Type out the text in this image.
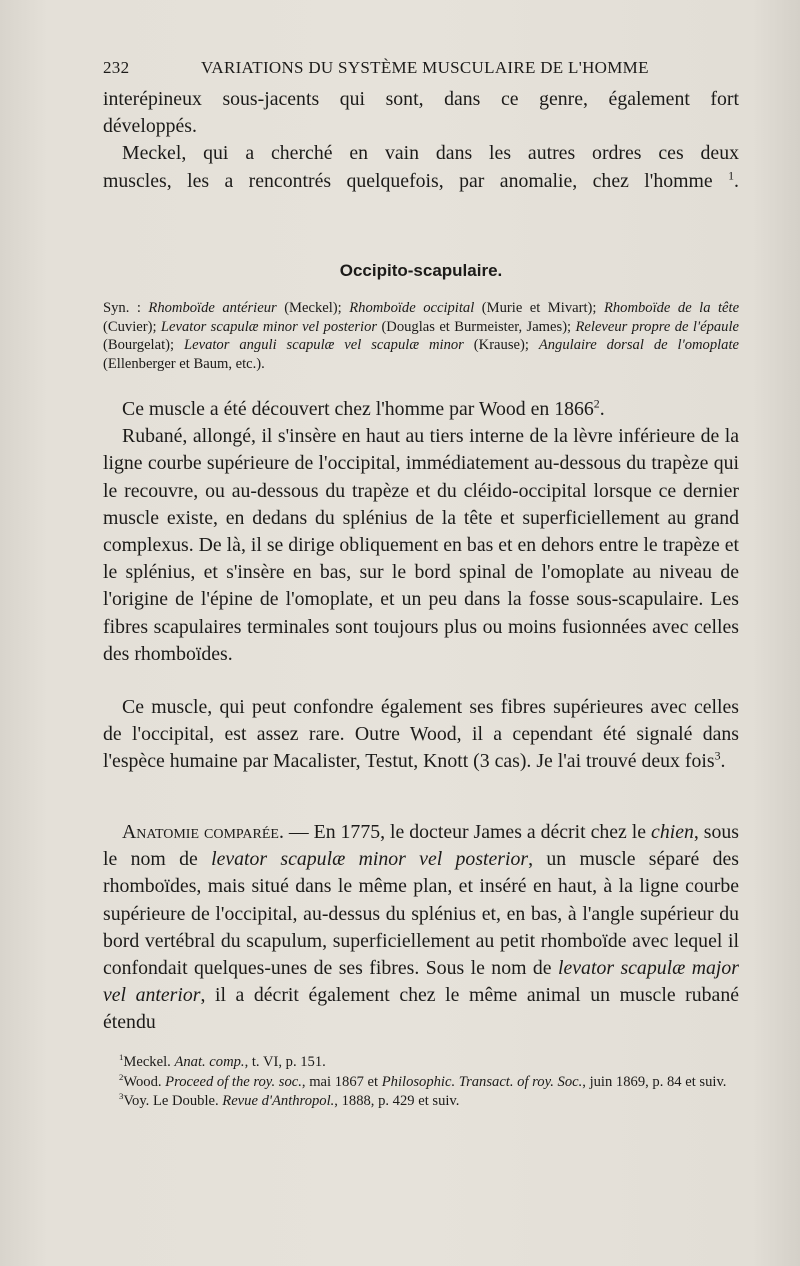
232	VARIATIONS DU SYSTÈME MUSCULAIRE DE L'HOMME

interépineux sous-jacents qui sont, dans ce genre, également fort

développés.

Meckel, qui a cherché en vain dans les autres ordres ces deux

muscles, les a rencontrés quelquefois, par anomalie, chez l'homme $^1$.

Occipito-scapulaire.
Syn. : Rhomboïde antérieur (Meckel); Rhomboïde occipital (Murie et Mivart); Rhomboïde de la tête (Cuvier); Levator scapulæ minor vel posterior (Douglas et Burmeister, James); Releveur propre de l'épaule (Bourgelat); Levator anguli scapulæ vel scapulæ minor (Krause); Angulaire dorsal de l'omoplate (Ellenberger et Baum, etc.).

Ce muscle a été découvert chez l'homme par Wood en 1866$^2$.

Rubané, allongé, il s'insère en haut au tiers interne de la lèvre inférieure de la ligne courbe supérieure de l'occipital, immédiatement au-dessous du trapèze qui le recouvre, ou au-dessous du trapèze et du cléido-occipital lorsque ce dernier muscle existe, en dedans du splénius de la tête et superficiellement au grand complexus. De là, il se dirige obliquement en bas et en dehors entre le trapèze et le splénius, et s'insère en bas, sur le bord spinal de l'omoplate au niveau de l'origine de l'épine de l'omoplate, et un peu dans la fosse sous-scapulaire. Les fibres scapulaires terminales sont toujours plus ou moins fusionnées avec celles des rhomboïdes.

Ce muscle, qui peut confondre également ses fibres supérieures avec celles de l'occipital, est assez rare. Outre Wood, il a cependant été signalé dans l'espèce humaine par Macalister, Testut, Knott (3 cas). Je l'ai trouvé deux fois$^3$.

Anatomie comparée. — En 1775, le docteur James a décrit chez le chien, sous le nom de levator scapulæ minor vel posterior, un muscle séparé des rhomboïdes, mais situé dans le même plan, et inséré en haut, à la ligne courbe supérieure de l'occipital, au-dessus du splénius et, en bas, à l'angle supérieur du bord vertébral du scapulum, superficiellement au petit rhomboïde avec lequel il confondait quelques-unes de ses fibres. Sous le nom de levator scapulæ major vel anterior, il a décrit également chez le même animal un muscle rubané étendu

$^1$Meckel. Anat. comp., t. VI, p. 151.

$^2$Wood. Proceed of the roy. soc., mai 1867 et Philosophic. Transact. of roy. Soc., juin 1869, p. 84 et suiv.

$^3$Voy. Le Double. Revue d'Anthropol., 1888, p. 429 et suiv.
